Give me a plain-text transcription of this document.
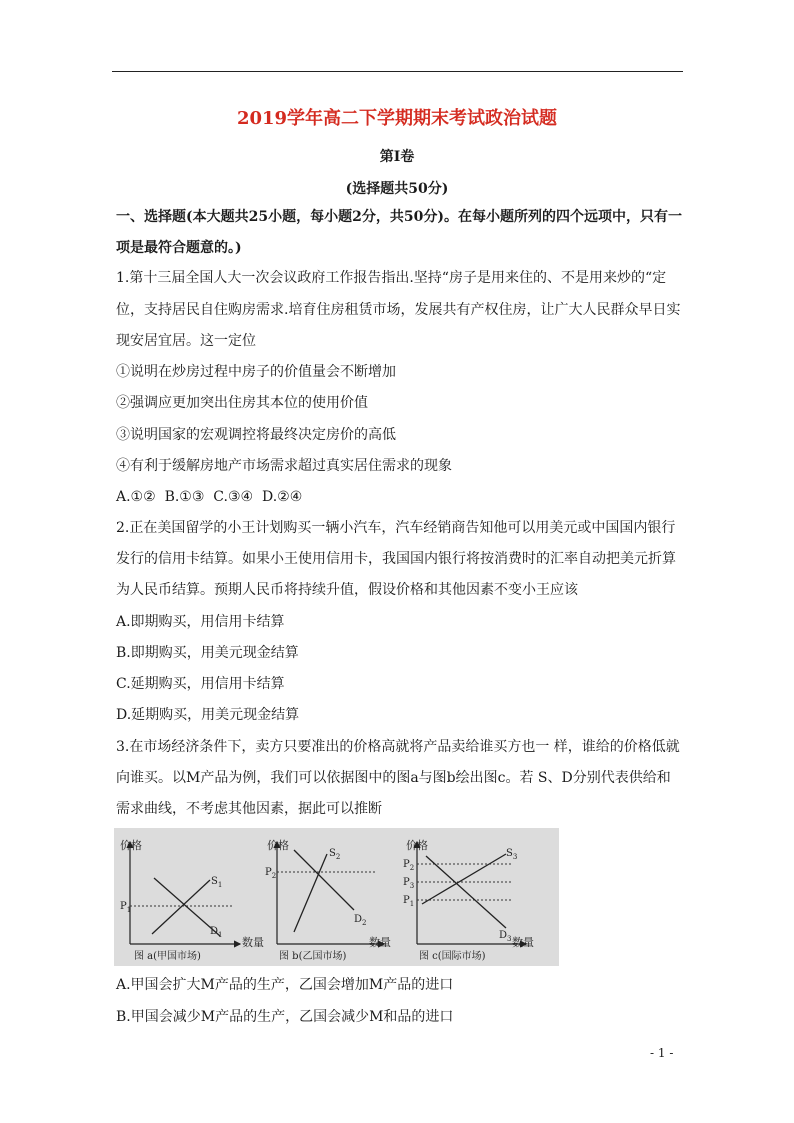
2019学年高二下学期期末考试政治试题
第Ⅰ卷
(选择题共50分)
一、选择题(本大题共25小题，每小题2分，共50分)。在每小题所列的四个远项中，只有一
项是最符合题意的。)
1.第十三届全国人大一次会议政府工作报告指出.坚持“房子是用来住的、不是用来炒的“定
位，支持居民自住购房需求.培育住房租赁市场，发展共有产权住房，让广大人民群众早日实
现安居宜居。这一定位
①说明在炒房过程中房子的价值量会不断增加
②强调应更加突出住房其本位的使用价值
③说明国家的宏观调控将最终决定房价的高低
④有利于缓解房地产市场需求超过真实居住需求的现象
A.①②  B.①③  C.③④  D.②④
2.正在美国留学的小王计划购买一辆小汽车，汽车经销商告知他可以用美元或中国国内银行
发行的信用卡结算。如果小王使用信用卡，我国国内银行将按消费时的汇率自动把美元折算
为人民币结算。预期人民币将持续升值，假设价格和其他因素不变小王应该
A.即期购买，用信用卡结算
B.即期购买，用美元现金结算
C.延期购买，用信用卡结算
D.延期购买，用美元现金结算
3.在市场经济条件下，卖方只要准出的价格高就将产品卖给谁买方也一 样，谁给的价格低就
向谁买。以M产品为例，我们可以依据图中的图a与图b绘出图c。若 S、D分别代表供给和
需求曲线，不考虑其他因素，据此可以推断
价格
数量
$S_1$
$D_1$
$P_1$
图 a(甲国市场)
价格
数量
$S_2$
$D_2$
$P_2$
图 b(乙国市场)
价格
数量
$S_3$
$D_3$
$P_2$
$P_3$
$P_1$
图 c(国际市场)
A.甲国会扩大M产品的生产，乙国会增加M产品的进口
B.甲国会减少M产品的生产，乙国会减少M和品的进口
- 1 -
